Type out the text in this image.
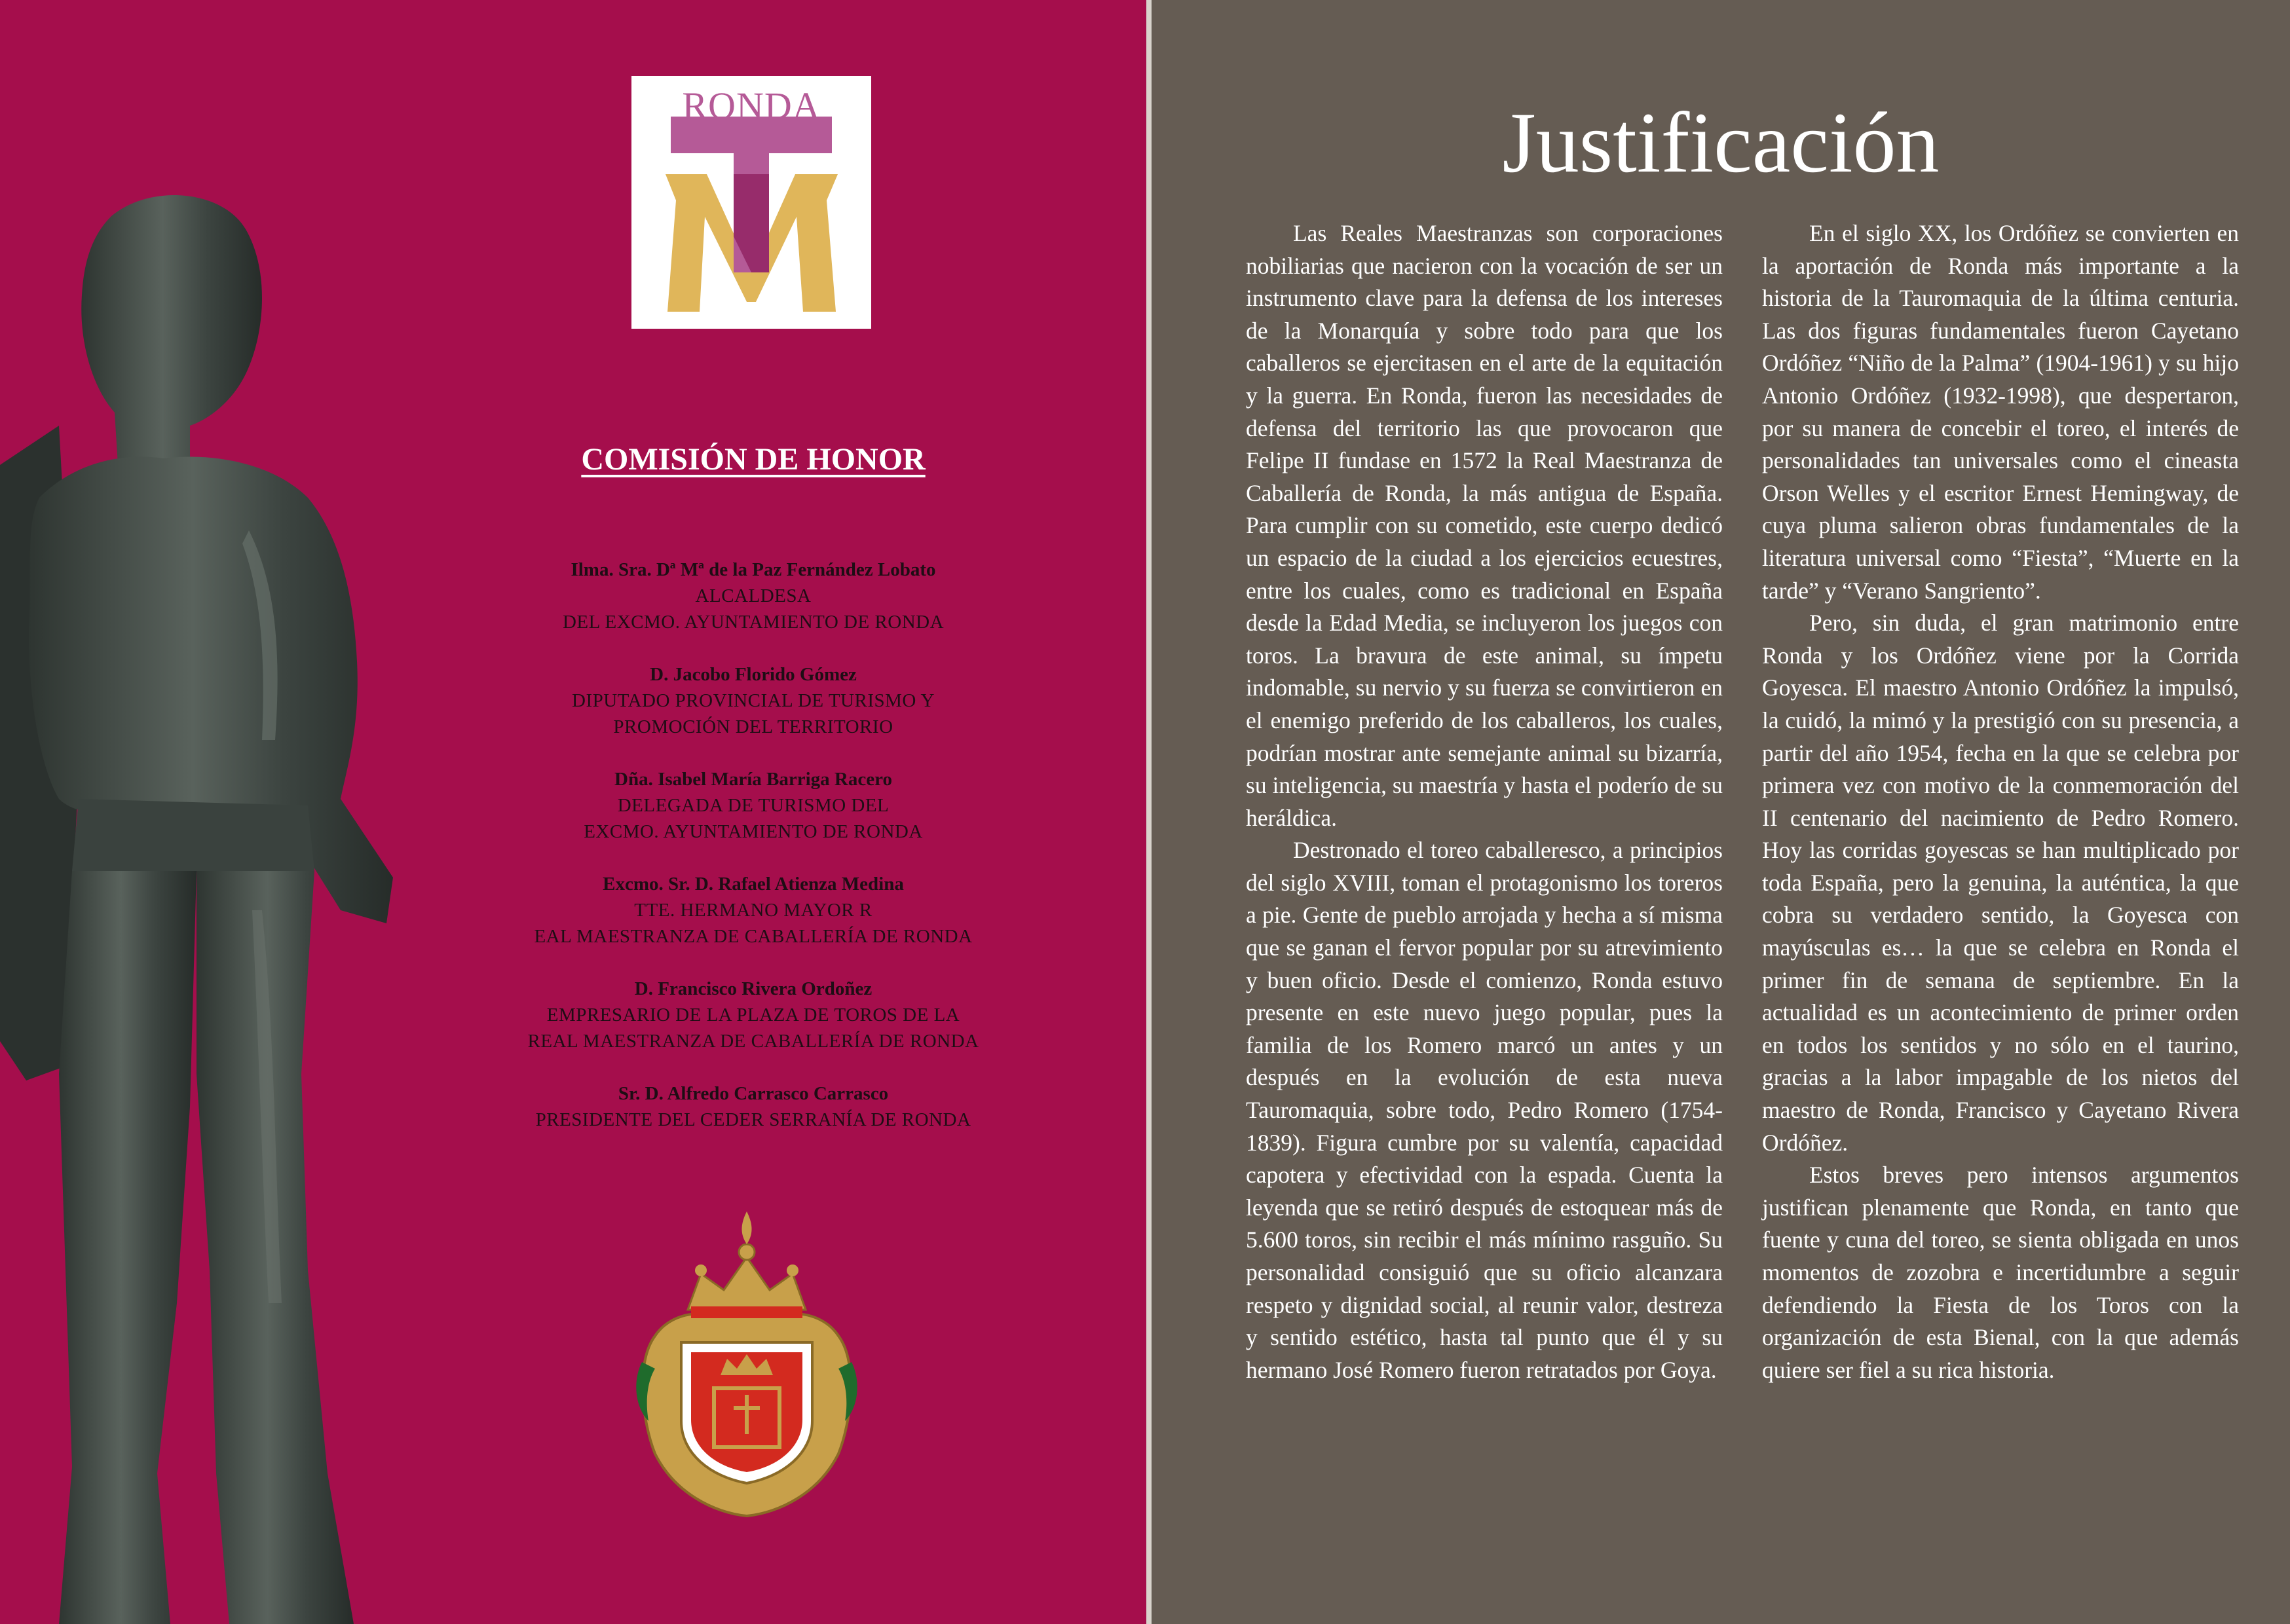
RONDA
COMISIÓN DE HONOR
Ilma. Sra. Dª Mª de la Paz Fernández Lobato
ALCALDESA
DEL EXCMO. AYUNTAMIENTO DE RONDA
D. Jacobo Florido Gómez
DIPUTADO PROVINCIAL DE TURISMO Y
PROMOCIÓN DEL TERRITORIO
Dña. Isabel María Barriga Racero
DELEGADA DE TURISMO DEL
EXCMO. AYUNTAMIENTO DE RONDA
Excmo. Sr. D. Rafael Atienza Medina
TTE. HERMANO MAYOR R
EAL MAESTRANZA DE CABALLERÍA DE RONDA
D. Francisco Rivera Ordoñez
EMPRESARIO DE LA PLAZA DE TOROS DE LA
REAL MAESTRANZA DE CABALLERÍA DE RONDA
Sr. D. Alfredo Carrasco Carrasco
PRESIDENTE DEL CEDER SERRANÍA DE RONDA
Justificación

Las Reales Maestranzas son corporaciones nobiliarias que nacieron con la vocación de ser un instrumento clave para la defensa de los intereses de la Monarquía y sobre todo para que los caballeros se ejercitasen en el arte de la equitación y la guerra. En Ronda, fueron las necesidades de defensa del territorio las que provocaron que Felipe II fundase en 1572 la Real Maestranza de Caballería de Ronda, la más antigua de España. Para cumplir con su cometido, este cuerpo dedicó un espacio de la ciudad a los ejercicios ecuestres, entre los cuales, como es tradicional en España desde la Edad Media, se incluyeron los juegos con toros. La bravura de este animal, su ímpetu indomable, su nervio y su fuerza se convirtieron en el enemigo preferido de los caballeros, los cuales, podrían mostrar ante semejante animal su bizarría, su inteligencia, su maestría y hasta el poderío de su heráldica.

Destronado el toreo caballeresco, a principios del siglo XVIII, toman el protagonismo los toreros a pie. Gente de pueblo arrojada y hecha a sí misma que se ganan el fervor popular por su atrevimiento y buen oficio. Desde el comienzo, Ronda estuvo presente en este nuevo juego popular, pues la familia de los Romero marcó un antes y un después en la evolución de esta nueva Tauromaquia, sobre todo, Pedro Romero (1754-1839). Figura cumbre por su valentía, capacidad capotera y efectividad con la espada. Cuenta la leyenda que se retiró después de estoquear más de 5.600 toros, sin recibir el más mínimo rasguño. Su personalidad consiguió que su oficio alcanzara respeto y dignidad social, al reunir valor, destreza y sentido estético, hasta tal punto que él y su hermano José Romero fueron retratados por Goya.

En el siglo XX, los Ordóñez se convierten en la aportación de Ronda más importante a la historia de la Tauromaquia de la última centuria. Las dos figuras fundamentales fueron Cayetano Ordóñez “Niño de la Palma” (1904-1961) y su hijo Antonio Ordóñez (1932-1998), que despertaron, por su manera de concebir el toreo, el interés de personalidades tan universales como el cineasta Orson Welles y el escritor Ernest Hemingway, de cuya pluma salieron obras fundamentales de la literatura universal como “Fiesta”, “Muerte en la tarde” y “Verano Sangriento”.

Pero, sin duda, el gran matrimonio entre Ronda y los Ordóñez viene por la Corrida Goyesca. El maestro Antonio Ordóñez la impulsó, la cuidó, la mimó y la prestigió con su presencia, a partir del año 1954, fecha en la que se celebra por primera vez con motivo de la conmemoración del II centenario del nacimiento de Pedro Romero. Hoy las corridas goyescas se han multiplicado por toda España, pero la genuina, la auténtica, la que cobra su verdadero sentido, la Goyesca con mayúsculas es… la que se celebra en Ronda el primer fin de semana de septiembre. En la actualidad es un acontecimiento de primer orden en todos los sentidos y no sólo en el taurino, gracias a la labor impagable de los nietos del maestro de Ronda, Francisco y Cayetano Rivera Ordóñez.

Estos breves pero intensos argumentos justifican plenamente que Ronda, en tanto que fuente y cuna del toreo, se sienta obligada en unos momentos de zozobra e incertidumbre a seguir defendiendo la Fiesta de los Toros con la organización de esta Bienal, con la que además quiere ser fiel a su rica historia.
